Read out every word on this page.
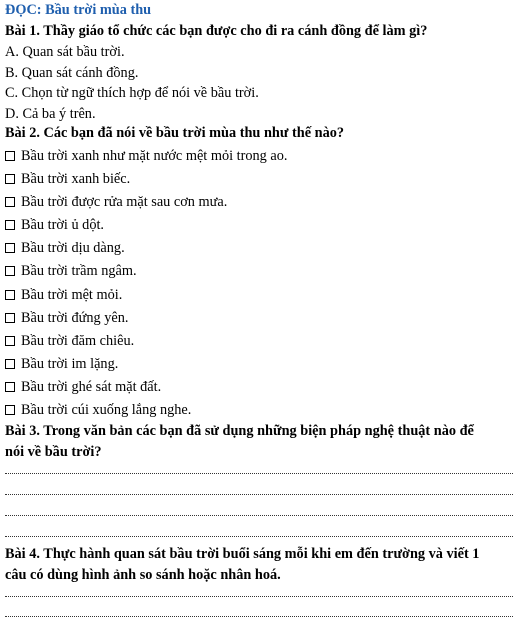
ĐỌC: Bầu trời mùa thu
Bài 1. Thầy giáo tổ chức các bạn được cho đi ra cánh đồng để làm gì?
A. Quan sát bầu trời.
B. Quan sát cánh đồng.
C. Chọn từ ngữ thích hợp để nói về bầu trời.
D. Cả ba ý trên.
Bài 2. Các bạn đã nói về bầu trời mùa thu như thế nào?
Bầu trời xanh như mặt nước mệt mỏi trong ao.
Bầu trời xanh biếc.
Bầu trời được rửa mặt sau cơn mưa.
Bầu trời ủ dột.
Bầu trời dịu dàng.
Bầu trời trầm ngâm.
Bầu trời mệt mỏi.
Bầu trời đứng yên.
Bầu trời đăm chiêu.
Bầu trời im lặng.
Bầu trời ghé sát mặt đất.
Bầu trời cúi xuống lắng nghe.
Bài 3. Trong văn bản các bạn đã sử dụng những biện pháp nghệ thuật nào để
nói về bầu trời?
Bài 4. Thực hành quan sát bầu trời buổi sáng mỗi khi em đến trường và viết 1
câu có dùng hình ảnh so sánh hoặc nhân hoá.
